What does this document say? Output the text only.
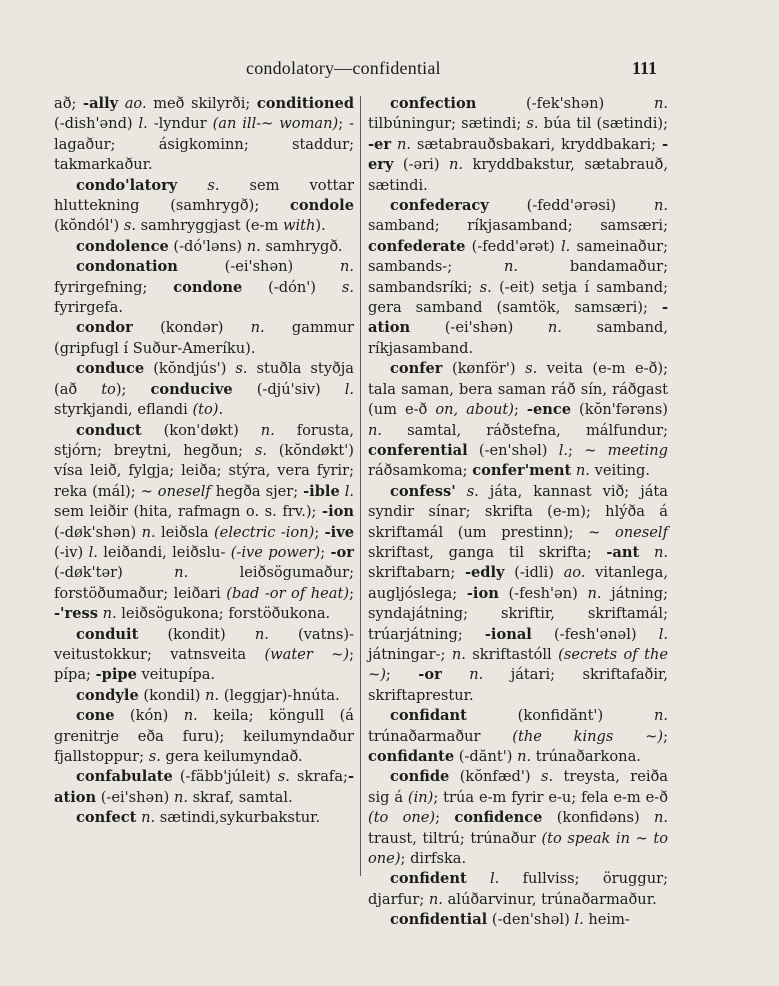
condolatory—confidential	111

að; -ally ao. með skilyrði; conditioned (-dish'ənd) l. -lyndur (an ill-~ woman); -lagaður; ásigkominn; staddur; takmarkaður.

condo'latory s. sem vottar hluttekning (samhrygð); condole (kŏndól') s. samhryggjast (e-m with).

condolence (-dó'ləns) n. samhrygð.

condonation (-ei'shən) n. fyrirgefning; condone (-dón') s. fyrirgefa.

condor (kondər) n. gammur (gripfugl í Suður-Ameríku).

conduce (kŏndjús') s. stuðla styðja (að to); conducive (-djú'siv) l. styrkjandi, eflandi (to).

conduct (kon'døkt) n. forusta, stjórn; breytni, hegðun; s. (kŏndøkt') vísa leið, fylgja; leiða; stýra, vera fyrir; reka (mál); ~ oneself hegða sjer; -ible l. sem leiðir (hita, rafmagn o. s. frv.); -ion (-døk'shən) n. leiðsla (electric -ion); -ive (-iv) l. leiðandi, leiðslu- (-ive power); -or (-døk'tər) n. leiðsögumaður; forstöðumaður; leiðari (bad -or of heat); -'ress n. leiðsögukona; forstöðukona.

conduit (kondit) n. (vatns)-veitustokkur; vatnsveita (water ~); pípa; -pipe veitupípa.

condyle (kondil) n. (leggjar)-hnúta.

cone (kón) n. keila; köngull (á grenitrje eða furu); keilumyndaður fjallstoppur; s. gera keilumyndað.

confabulate (-fäbb'júleit) s. skrafa;-ation (-ei'shən) n. skraf, samtal.

confect n. sætindi,sykurbakstur.

confection (-fek'shən) n. tilbúningur; sætindi; s. búa til (sætindi); -er n. sætabrauðsbakari, kryddbakari; -ery (-əri) n. kryddbakstur, sætabrauð, sætindi.

confederacy (-fedd'ərəsi) n. samband; ríkjasamband; samsæri; confederate (-fedd'ərət) l. sameinaður; sambands-; n. bandamaður; sambandsríki; s. (-eit) setja í samband; gera samband (samtök, samsæri); -ation (-ei'shən) n. samband, ríkjasamband.

confer (kønför') s. veita (e-m e-ð); tala saman, bera saman ráð sín, ráðgast (um e-ð on, about); -ence (kŏn'fərəns) n. samtal, ráðstefna, málfundur; conferential (-en'shəl) l.; ~ meeting ráðsamkoma; confer'ment n. veiting.

confess' s. játa, kannast við; játa syndir sínar; skrifta (e-m); hlýða á skriftamál (um prestinn); ~ oneself skriftast, ganga til skrifta; -ant n. skriftabarn; -edly (-idli) ao. vitanlega, augljóslega; -ion (-fesh'ən) n. játning; syndajátning; skriftir, skriftamál; trúarjátning; -ional (-fesh'ənəl) l. játningar-; n. skriftastóll (secrets of the ~); -or n. játari; skriftafaðir, skriftaprestur.

confidant (konfidănt') n. trúnaðarmaður (the kings ~); confidante (-dănt') n. trúnaðarkona.

confide (kŏnfæd') s. treysta, reiða sig á (in); trúa e-m fyrir e-u; fela e-m e-ð (to one); confidence (konfidəns) n. traust, tiltrú; trúnaður (to speak in ~ to one); dirfska.

confident l. fullviss; öruggur; djarfur; n. alúðarvinur, trúnaðarmaður.

confidential (-den'shəl) l. heim-
